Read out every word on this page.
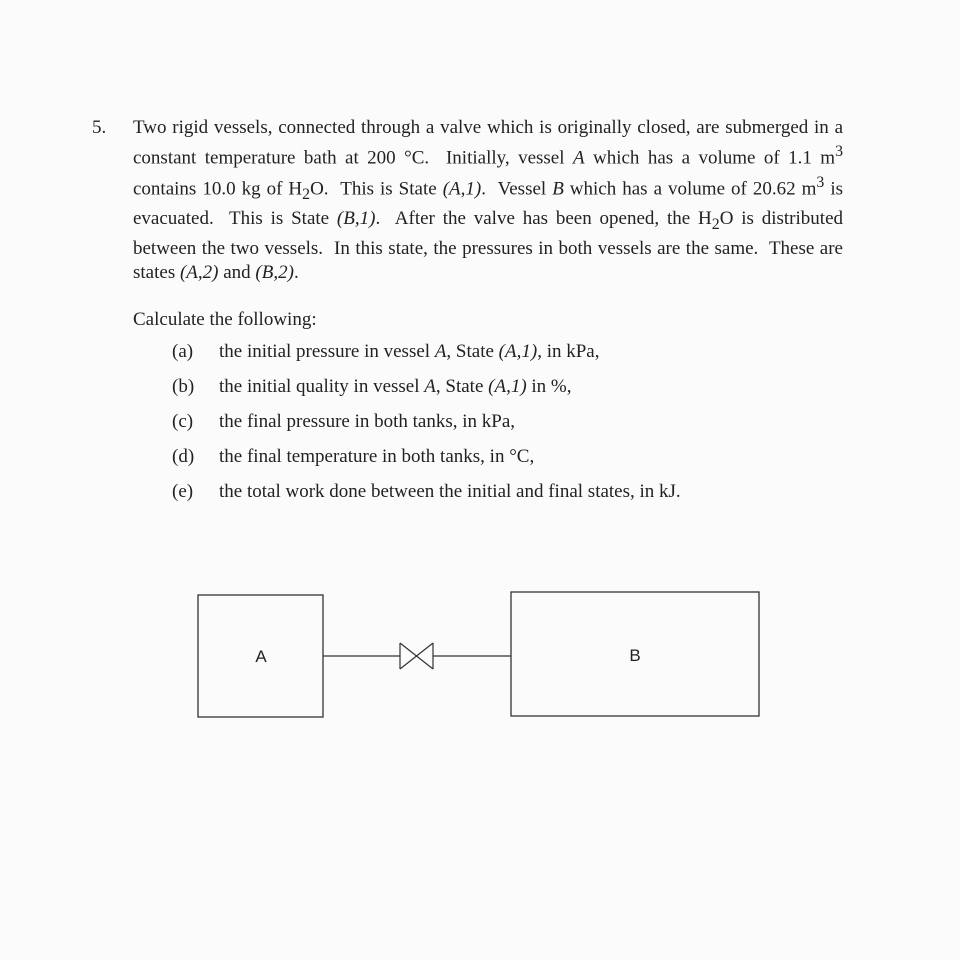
5. Two rigid vessels, connected through a valve which is originally closed, are submerged in a constant temperature bath at 200 °C.  Initially, vessel A which has a volume of 1.1 $m^3$ contains 10.0 kg of $H_2O$.  This is State (A,1).  Vessel B which has a volume of 20.62 $m^3$ is evacuated.  This is State (B,1).  After the valve has been opened, the $H_2O$ is distributed between the two vessels.  In this state, the pressures in both vessels are the same.  These are states (A,2) and (B,2).
Calculate the following:
(a) the initial pressure in vessel A, State (A,1), in kPa,
(b) the initial quality in vessel A, State (A,1) in %,
(c) the final pressure in both tanks, in kPa,
(d) the final temperature in both tanks, in °C,
(e) the total work done between the initial and final states, in kJ.
A	B
